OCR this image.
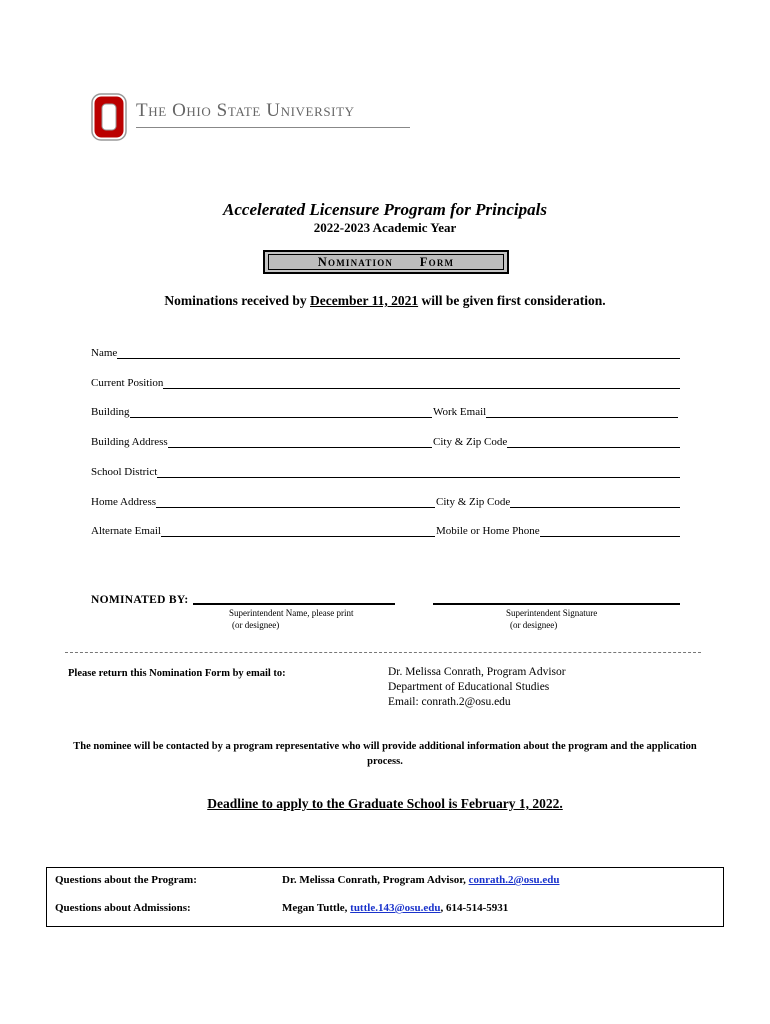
The Ohio State University
Accelerated Licensure Program for Principals
2022-2023 Academic Year
Nomination Form
Nominations received by December 11, 2021 will be given first consideration.
Name
Current Position
Building	Work Email
Building Address	City & Zip Code
School District
Home Address	City & Zip Code
Alternate Email	Mobile or Home Phone
NOMINATED BY:
Superintendent Name, please print
(or designee)
Superintendent Signature
(or designee)
Please return this Nomination Form by email to:	Dr. Melissa Conrath, Program Advisor
Department of Educational Studies
Email: conrath.2@osu.edu
The nominee will be contacted by a program representative who will provide additional information about the program and the application process.
Deadline to apply to the Graduate School is February 1, 2022.
Questions about the Program:	Dr. Melissa Conrath, Program Advisor, conrath.2@osu.edu
Questions about Admissions:	Megan Tuttle, tuttle.143@osu.edu, 614-514-5931
